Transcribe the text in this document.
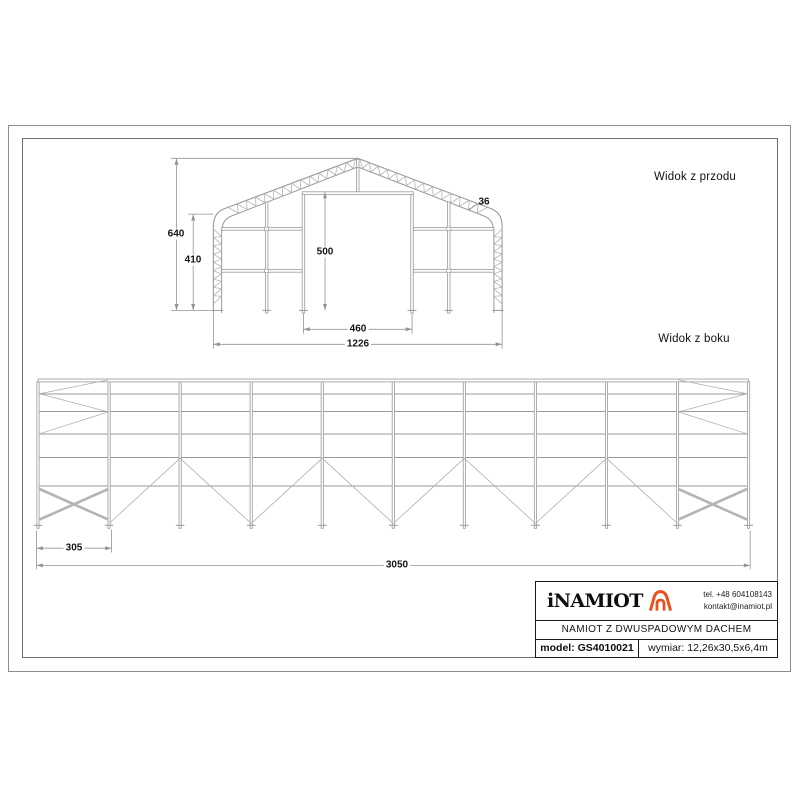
Widok z przodu
Widok z boku
640
410
500
460
1226
36
305
3050
iNAMIOT	tel. +48 604108143
kontakt@inamiot.pl
NAMIOT Z DWUSPADOWYM DACHEM
model: GS4010021 wymiar: 12,26x30,5x6,4m
